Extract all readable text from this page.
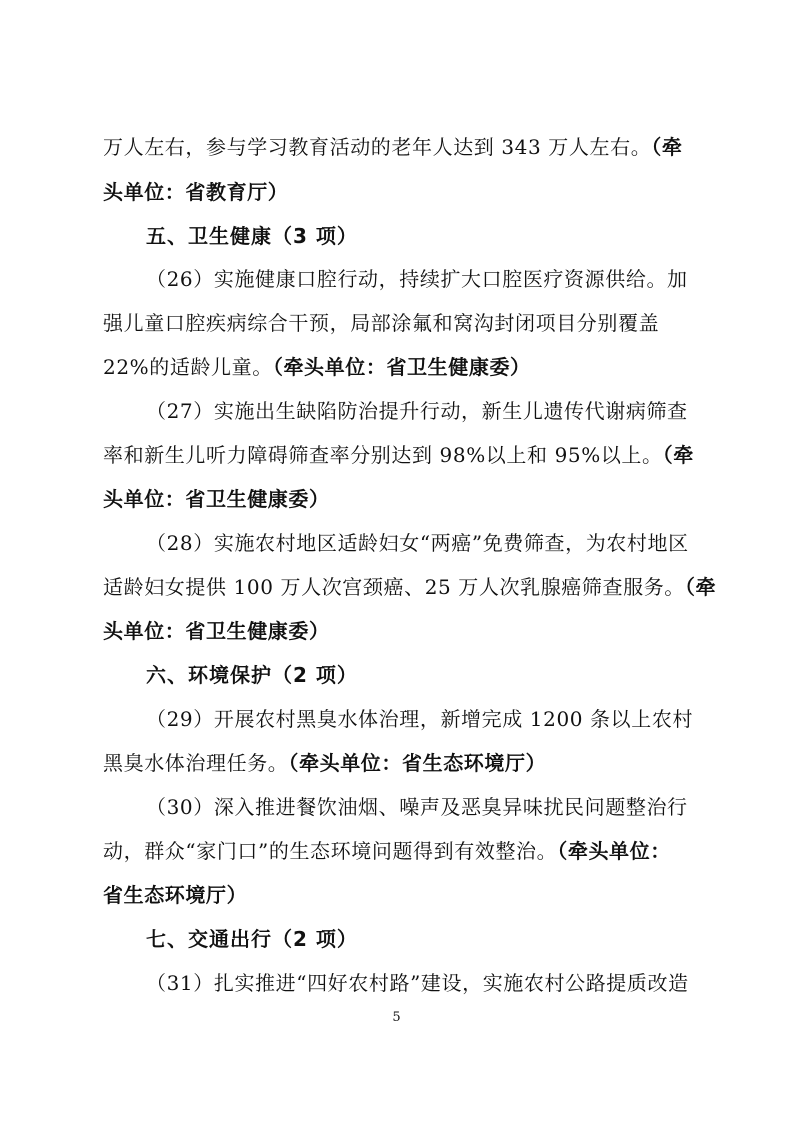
万人左右，参与学习教育活动的老年人达到 343 万人左右。（牵
头单位：省教育厅）
五、卫生健康（3 项）
（26）实施健康口腔行动，持续扩大口腔医疗资源供给。加
强儿童口腔疾病综合干预，局部涂氟和窝沟封闭项目分别覆盖
22%的适龄儿童。（牵头单位：省卫生健康委）
（27）实施出生缺陷防治提升行动，新生儿遗传代谢病筛查
率和新生儿听力障碍筛查率分别达到 98%以上和 95%以上。（牵
头单位：省卫生健康委）
（28）实施农村地区适龄妇女“两癌”免费筛查，为农村地区
适龄妇女提供 100 万人次宫颈癌、25 万人次乳腺癌筛查服务。（牵
头单位：省卫生健康委）
六、环境保护（2 项）
（29）开展农村黑臭水体治理，新增完成 1200 条以上农村
黑臭水体治理任务。（牵头单位：省生态环境厅）
（30）深入推进餐饮油烟、噪声及恶臭异味扰民问题整治行
动，群众“家门口”的生态环境问题得到有效整治。（牵头单位：
省生态环境厅）
七、交通出行（2 项）
（31）扎实推进“四好农村路”建设，实施农村公路提质改造
5
